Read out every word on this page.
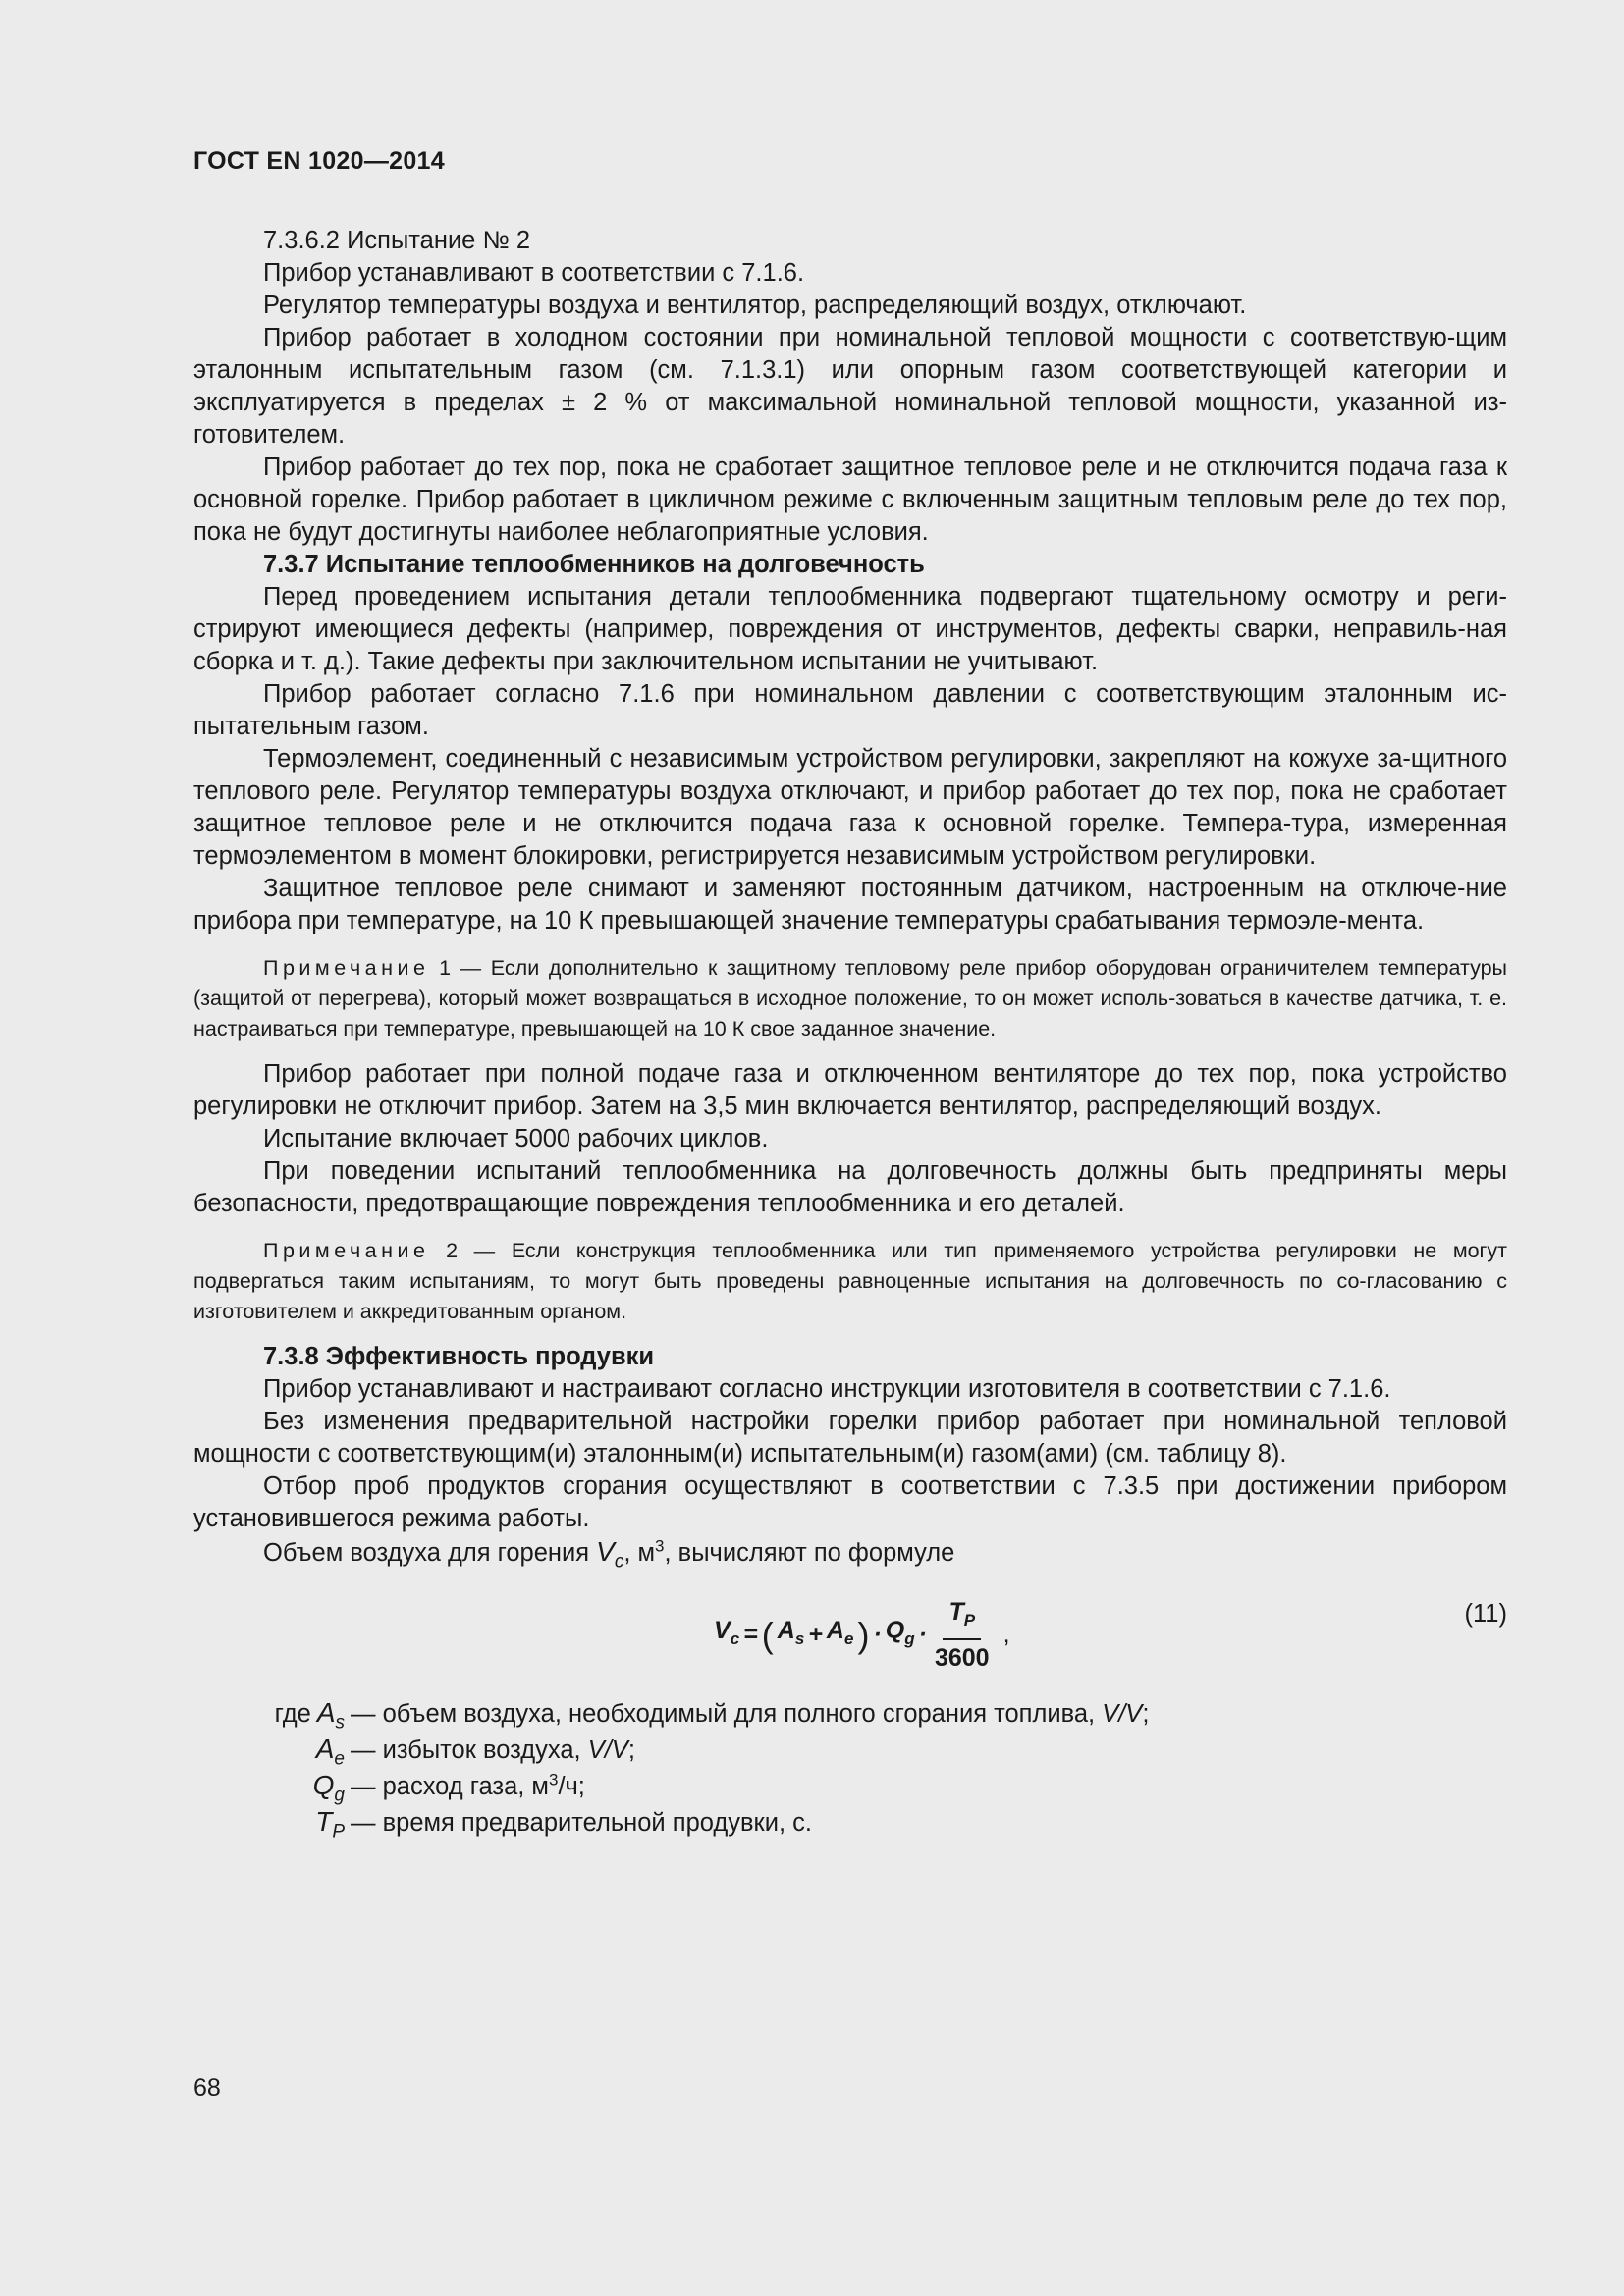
ГОСТ EN 1020—2014

7.3.6.2 Испытание № 2

Прибор устанавливают в соответствии с 7.1.6.

Регулятор температуры воздуха и вентилятор, распределяющий воздух, отключают.

Прибор работает в холодном состоянии при номинальной тепловой мощности с соответствую-щим эталонным испытательным газом (см. 7.1.3.1) или опорным газом соответствующей категории и эксплуатируется в пределах ± 2 % от максимальной номинальной тепловой мощности, указанной из-готовителем.

Прибор работает до тех пор, пока не сработает защитное тепловое реле и не отключится подача газа к основной горелке. Прибор работает в цикличном режиме с включенным защитным тепловым реле до тех пор, пока не будут достигнуты наиболее неблагоприятные условия.

7.3.7 Испытание теплообменников на долговечность

Перед проведением испытания детали теплообменника подвергают тщательному осмотру и реги-стрируют имеющиеся дефекты (например, повреждения от инструментов, дефекты сварки, неправиль-ная сборка и т. д.). Такие дефекты при заключительном испытании не учитывают.

Прибор работает согласно 7.1.6 при номинальном давлении с соответствующим эталонным ис-пытательным газом.

Термоэлемент, соединенный с независимым устройством регулировки, закрепляют на кожухе за-щитного теплового реле. Регулятор температуры воздуха отключают, и прибор работает до тех пор, пока не сработает защитное тепловое реле и не отключится подача газа к основной горелке. Темпера-тура, измеренная термоэлементом в момент блокировки, регистрируется независимым устройством регулировки.

Защитное тепловое реле снимают и заменяют постоянным датчиком, настроенным на отключе-ние прибора при температуре, на 10 К превышающей значение температуры срабатывания термоэле-мента.

Примечание 1 — Если дополнительно к защитному тепловому реле прибор оборудован ограничителем температуры (защитой от перегрева), который может возвращаться в исходное положение, то он может исполь-зоваться в качестве датчика, т. е. настраиваться при температуре, превышающей на 10 К свое заданное значение.

Прибор работает при полной подаче газа и отключенном вентиляторе до тех пор, пока устройство регулировки не отключит прибор. Затем на 3,5 мин включается вентилятор, распределяющий воздух.

Испытание включает 5000 рабочих циклов.

При поведении испытаний теплообменника на долговечность должны быть предприняты меры безопасности, предотвращающие повреждения теплообменника и его деталей.

Примечание 2 — Если конструкция теплообменника или тип применяемого устройства регулировки не могут подвергаться таким испытаниям, то могут быть проведены равноценные испытания на долговечность по со-гласованию с изготовителем и аккредитованным органом.

7.3.8 Эффективность продувки

Прибор устанавливают и настраивают согласно инструкции изготовителя в соответствии с 7.1.6.

Без изменения предварительной настройки горелки прибор работает при номинальной тепловой мощности с соответствующим(и) эталонным(и) испытательным(и) газом(ами) (см. таблицу 8).

Отбор проб продуктов сгорания осуществляют в соответствии с 7.3.5 при достижении прибором установившегося режима работы.

Объем воздуха для горения $V_c$, $м^3$, вычисляют по формуле

$V_c$ = ( $A_s + A_e$ ) · $Q_g \cdot \frac{T_P}{3600}$ ,
(11)
где $A_s$ — объем воздуха, необходимый для полного сгорания топлива, V/V;
$A_e$ — избыток воздуха, V/V;
$Q_g$ — расход газа, $м^3/ч$;
$T_P$ — время предварительной продувки, с.
68
